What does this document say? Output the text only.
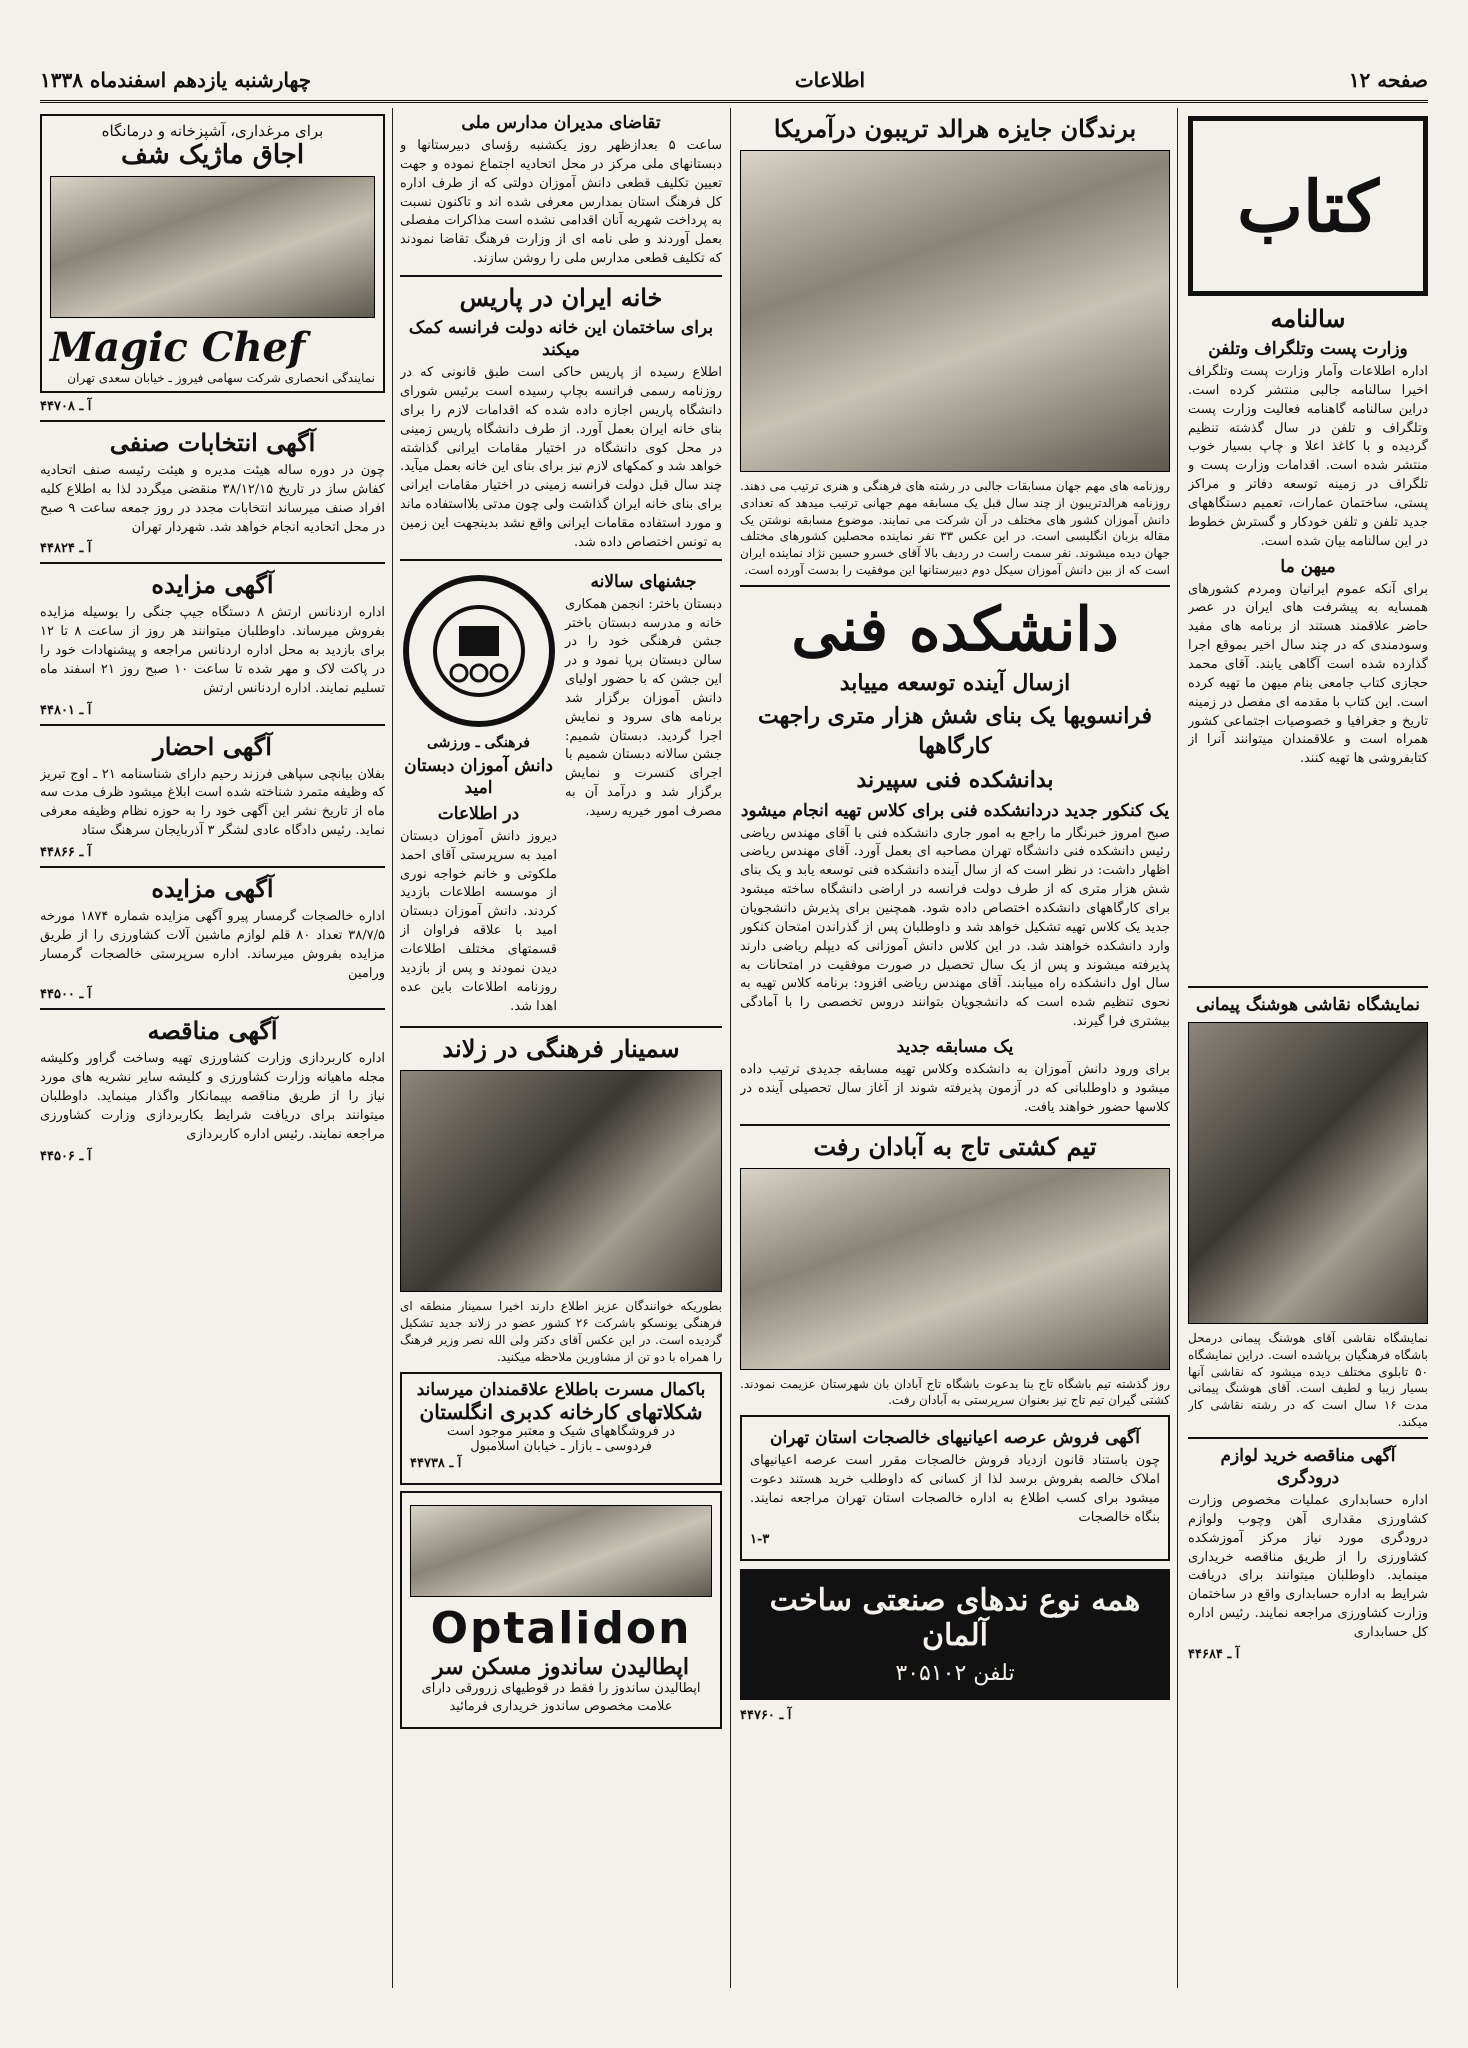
صفحه ۱۲
اطلاعات
چهارشنبه یازدهم اسفندماه ۱۳۳۸
کتاب
سالنامه
وزارت پست وتلگراف وتلفن

اداره اطلاعات وآمار وزارت پست وتلگراف اخیرا سالنامه جالبی منتشر کرده است. دراین سالنامه گاهنامه فعالیت وزارت پست وتلگراف و تلفن در سال گذشته تنظیم گردیده و با کاغذ اعلا و چاپ بسیار خوب منتشر شده است. اقدامات وزارت پست و تلگراف در زمینه توسعه دفاتر و مراکز پستی، ساختمان عمارات، تعمیم دستگاههای جدید تلفن و تلفن خودکار و گسترش خطوط در این سالنامه بیان شده است.

میهن ما

برای آنکه عموم ایرانیان ومردم کشورهای همسایه به پیشرفت های ایران در عصر حاضر علاقمند هستند از برنامه های مفید وسودمندی که در چند سال اخیر بموقع اجرا گذارده شده است آگاهی یابند. آقای محمد حجازی کتاب جامعی بنام میهن ما تهیه کرده است. این کتاب با مقدمه ای مفصل در زمینه تاریخ و جغرافیا و خصوصیات اجتماعی کشور همراه است و علاقمندان میتوانند آنرا از کتابفروشی ها تهیه کنند.

برندگان جایزه هرالد تریبون درآمریکا

روزنامه های مهم جهان مسابقات جالبی در رشته های فرهنگی و هنری ترتیب می دهند. روزنامه هرالدتریبون از چند سال قبل یک مسابقه مهم جهانی ترتیب میدهد که تعدادی دانش آموزان کشور های مختلف در آن شرکت می نمایند. موضوع مسابقه نوشتن یک مقاله بزبان انگلیسی است. در این عکس ۳۳ نفر نماینده محصلین کشورهای مختلف جهان دیده میشوند. نفر سمت راست در ردیف بالا آقای خسرو حسین نژاد نماینده ایران است که از بین دانش آموزان سیکل دوم دبیرستانها این موفقیت را بدست آورده است.

دانشکده فنی
ازسال آینده توسعه مییابد
فرانسویها یک بنای شش هزار متری راجهت کارگاهها
بدانشکده فنی سپیرند
یک کنکور جدید دردانشکده فنی برای کلاس تهیه انجام میشود

صبح امروز خبرنگار ما راجع به امور جاری دانشکده فنی با آقای مهندس ریاضی رئیس دانشکده فنی دانشگاه تهران مصاحبه ای بعمل آورد. آقای مهندس ریاضی اظهار داشت: در نظر است که از سال آینده دانشکده فنی توسعه یابد و یک بنای شش هزار متری که از طرف دولت فرانسه در اراضی دانشگاه ساخته میشود برای کارگاههای دانشکده اختصاص داده شود. همچنین برای پذیرش دانشجویان جدید یک کلاس تهیه تشکیل خواهد شد و داوطلبان پس از گذراندن امتحان کنکور وارد دانشکده خواهند شد. در این کلاس دانش آموزانی که دیپلم ریاضی دارند پذیرفته میشوند و پس از یک سال تحصیل در صورت موفقیت در امتحانات به سال اول دانشکده راه مییابند. آقای مهندس ریاضی افزود: برنامه کلاس تهیه به نحوی تنظیم شده است که دانشجویان بتوانند دروس تخصصی را با آمادگی بیشتری فرا گیرند.

یک مسابقه جدید

برای ورود دانش آموزان به دانشکده وکلاس تهیه مسابقه جدیدی ترتیب داده میشود و داوطلبانی که در آزمون پذیرفته شوند از آغاز سال تحصیلی آینده در کلاسها حضور خواهند یافت.

تیم کشتی تاج به آبادان رفت

روز گذشته تیم باشگاه تاج بنا بدعوت باشگاه تاج آبادان بان شهرستان عزیمت نمودند. کشتی گیران تیم تاج نیز بعنوان سرپرستی به آبادان رفت.

آگهی فروش عرصه اعیانیهای خالصجات استان تهران

چون باستناد قانون ازدیاد فروش خالصجات مقرر است عرصه اعیانیهای املاک خالصه بفروش برسد لذا از کسانی که داوطلب خرید هستند دعوت میشود برای کسب اطلاع به اداره خالصجات استان تهران مراجعه نمایند. بنگاه خالصجات

۱-۳
همه نوع ندهای صنعتی ساخت آلمان
تلفن ۳۰۵۱۰۲
آ ـ ۴۴۷۶۰
تقاضای مدیران مدارس ملی

ساعت ۵ بعدازظهر روز یکشنبه رؤسای دبیرستانها و دبستانهای ملی مرکز در محل اتحادیه اجتماع نموده و جهت تعیین تکلیف قطعی دانش آموزان دولتی که از طرف اداره کل فرهنگ استان بمدارس معرفی شده اند و تاکنون نسبت به پرداخت شهریه آنان اقدامی نشده است مذاکرات مفصلی بعمل آوردند و طی نامه ای از وزارت فرهنگ تقاضا نمودند که تکلیف قطعی مدارس ملی را روشن سازند.

خانه ایران در پاریس
برای ساختمان این خانه دولت فرانسه کمک میکند

اطلاع رسیده از پاریس حاکی است طبق قانونی که در روزنامه رسمی فرانسه بچاپ رسیده است برئیس شورای دانشگاه پاریس اجازه داده شده که اقدامات لازم را برای بنای خانه ایران بعمل آورد. از طرف دانشگاه پاریس زمینی در محل کوی دانشگاه در اختیار مقامات ایرانی گذاشته خواهد شد و کمکهای لازم نیز برای بنای این خانه بعمل میآید. چند سال قبل دولت فرانسه زمینی در اختیار مقامات ایرانی برای بنای خانه ایران گذاشت ولی چون مدتی بلااستفاده ماند و مورد استفاده مقامات ایرانی واقع نشد بدینجهت این زمین به تونس اختصاص داده شد.

جشنهای سالانه

دبستان باختر: انجمن همکاری خانه و مدرسه دبستان باختر جشن فرهنگی خود را در سالن دبستان برپا نمود و در این جشن که با حضور اولیای دانش آموزان برگزار شد برنامه های سرود و نمایش اجرا گردید. دبستان شمیم: جشن سالانه دبستان شمیم با اجرای کنسرت و نمایش برگزار شد و درآمد آن به مصرف امور خیریه رسید.

فرهنگی ـ ورزشی
دانش آموزان دبستان امید
در اطلاعات

دیروز دانش آموزان دبستان امید به سرپرستی آقای احمد ملکوتی و خانم خواجه نوری از موسسه اطلاعات بازدید کردند. دانش آموزان دبستان امید با علاقه فراوان از قسمتهای مختلف اطلاعات دیدن نمودند و پس از بازدید روزنامه اطلاعات باین عده اهدا شد.

سمینار فرهنگی در زلاند

بطوریکه خوانندگان عزیز اطلاع دارند اخیرا سمینار منطقه ای فرهنگی یونسکو باشرکت ۲۶ کشور عضو در زلاند جدید تشکیل گردیده است. در این عکس آقای دکتر ولی الله نصر وزیر فرهنگ را همراه با دو تن از مشاورین ملاحظه میکنید.

باکمال مسرت باطلاع علاقمندان میرساند
شکلاتهای کارخانه کدبری انگلستان
در فروشگاههای شیک و معتبر موجود است
فردوسی ـ بازار ـ خیابان اسلامبول
آ ـ ۴۴۷۳۸
Optalidon
اپطالیدن ساندوز مسکن سر

اپطالیدن ساندوز را فقط در قوطیهای زرورقی دارای علامت مخصوص ساندوز خریداری فرمائید

برای مرغداری، آشپزخانه و درمانگاه
اجاق ماژیک شف
Magic Chef
نمایندگی انحصاری شرکت سهامی فیروز ـ خیابان سعدی تهران
آ ـ ۴۴۷۰۸
آگهی انتخابات صنفی

چون در دوره ساله هیئت مدیره و هیئت رئیسه صنف اتحادیه کفاش ساز در تاریخ ۳۸/۱۲/۱۵ منقضی میگردد لذا به اطلاع کلیه افراد صنف میرساند انتخابات مجدد در روز جمعه ساعت ۹ صبح در محل اتحادیه انجام خواهد شد. شهردار تهران

آ ـ ۴۴۸۲۴
آگهی مزایده

اداره اردنانس ارتش ۸ دستگاه جیپ جنگی را بوسیله مزایده بفروش میرساند. داوطلبان میتوانند هر روز از ساعت ۸ تا ۱۲ برای بازدید به محل اداره اردنانس مراجعه و پیشنهادات خود را در پاکت لاک و مهر شده تا ساعت ۱۰ صبح روز ۲۱ اسفند ماه تسلیم نمایند. اداره اردنانس ارتش

آ ـ ۴۴۸۰۱
آگهی احضار

بفلان بیانچی سپاهی فرزند رحیم دارای شناسنامه ۲۱ ـ اوج تبریز که وظیفه متمرد شناخته شده است ابلاغ میشود ظرف مدت سه ماه از تاریخ نشر این آگهی خود را به حوزه نظام وظیفه معرفی نماید. رئیس دادگاه عادی لشگر ۳ آذربایجان سرهنگ ستاد

آ ـ ۴۴۸۶۶
آگهی مزایده

اداره خالصجات گرمسار پیرو آگهی مزایده شماره ۱۸۷۴ مورخه ۳۸/۷/۵ تعداد ۸۰ قلم لوازم ماشین آلات کشاورزی را از طریق مزایده بفروش میرساند. اداره سرپرستی خالصجات گرمسار ورامین

آ ـ ۴۴۵۰۰
آگهی مناقصه

اداره کاربردازی وزارت کشاورزی تهیه وساخت گراور وکلیشه مجله ماهیانه وزارت کشاورزی و کلیشه سایر نشریه های مورد نیاز را از طریق مناقصه بپیمانکار واگذار مینماید. داوطلبان میتوانند برای دریافت شرایط بکاربردازی وزارت کشاورزی مراجعه نمایند. رئیس اداره کاربردازی

آ ـ ۴۴۵۰۶
نمایشگاه نقاشی هوشنگ پیمانی

نمایشگاه نقاشی آقای هوشنگ پیمانی درمحل باشگاه فرهنگیان برپاشده است. دراین نمایشگاه ۵۰ تابلوی مختلف دیده میشود که نقاشی آنها بسیار زیبا و لطیف است. آقای هوشنگ پیمانی مدت ۱۶ سال است که در رشته نقاشی کار میکند.

آگهی مناقصه خرید لوازم درودگری

اداره حسابداری عملیات مخصوص وزارت کشاورزی مقداری آهن وچوب ولوازم درودگری مورد نیاز مرکز آموزشکده کشاورزی را از طریق مناقصه خریداری مینماید. داوطلبان میتوانند برای دریافت شرایط به اداره حسابداری واقع در ساختمان وزارت کشاورزی مراجعه نمایند. رئیس اداره کل حسابداری

آ ـ ۴۴۶۸۴
